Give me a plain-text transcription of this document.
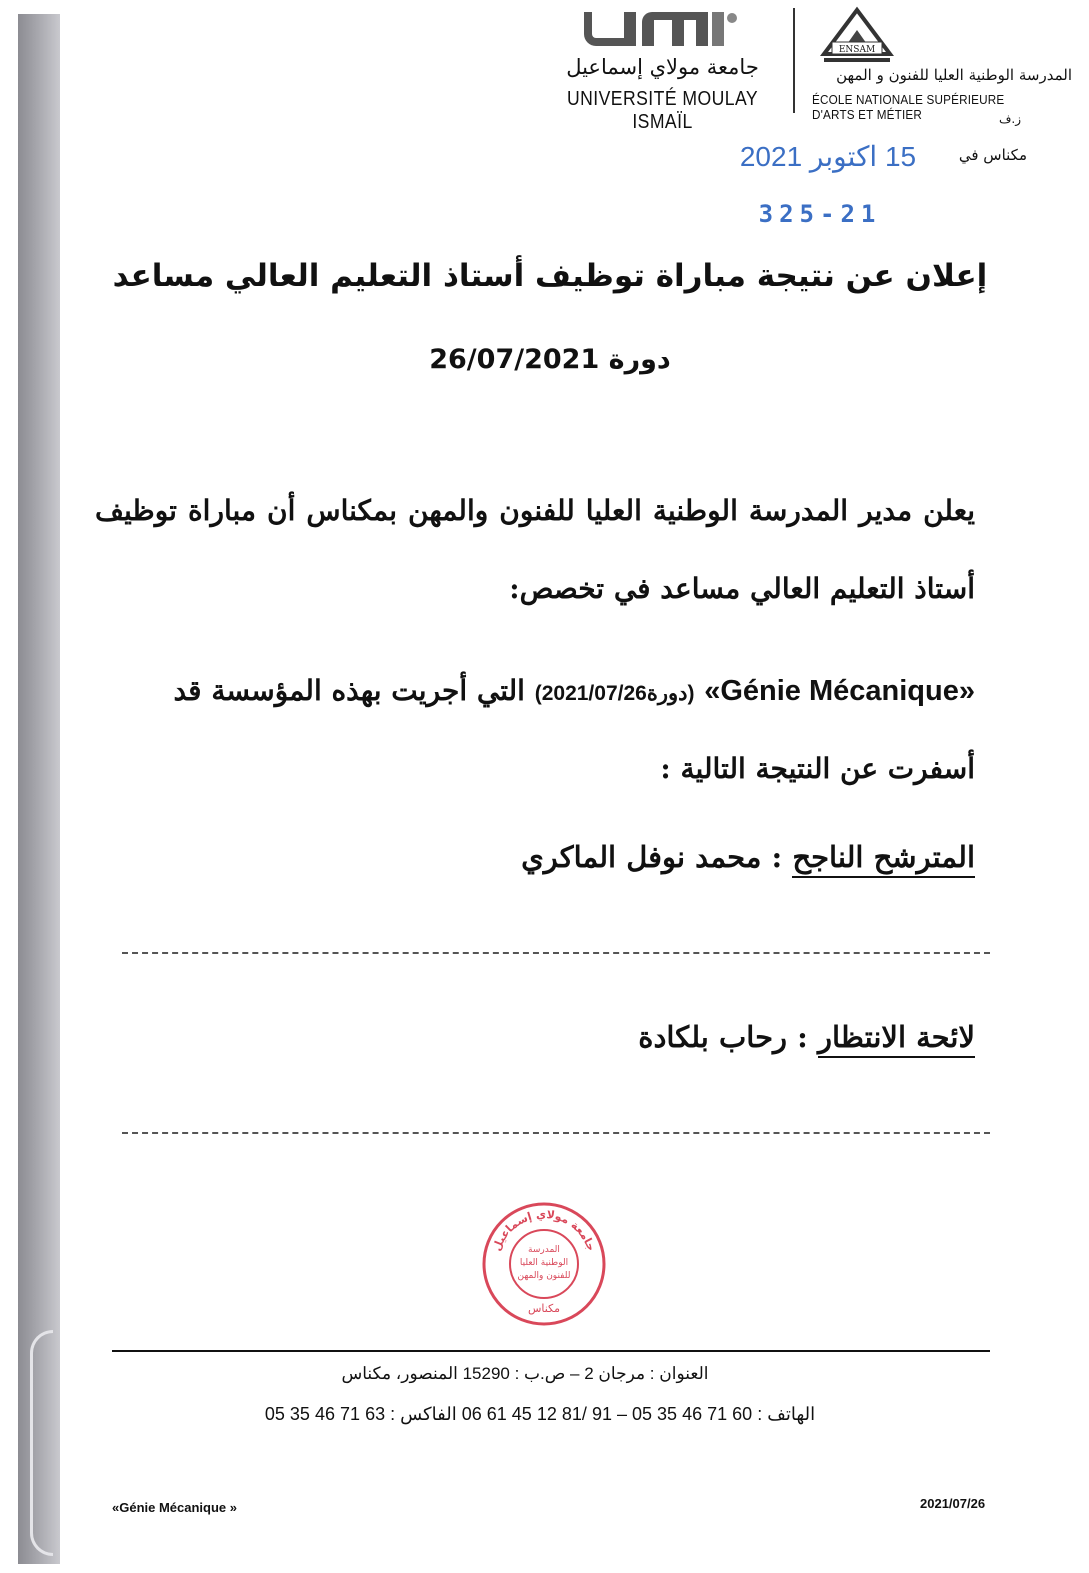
جامعة مولاي إسماعيل
UNIVERSITÉ MOULAY ISMAÏL
ENSAM
المدرسة الوطنية العليا للفنون و المهن
ÉCOLE NATIONALE SUPÉRIEURE D'ARTS ET MÉTIER	ز.ف
مكناس في
15 اكتوبر 2021
325-21
إعلان عن نتيجة مباراة توظيف أستاذ التعليم العالي مساعد
دورة 26/07/2021
يعلن مدير المدرسة الوطنية العليا للفنون والمهن بمكناس أن مباراة توظيف
أستاذ التعليم العالي مساعد في تخصص:
«Génie Mécanique» (دورة2021/07/26) التي أجريت بهذه المؤسسة قد
أسفرت عن النتيجة التالية :
المترشح الناجح : محمد نوفل الماكري
لائحة الانتظار : رحاب بلكادة
جامعة مولاي إسماعيل
المدرسة
الوطنية العليا
للفنون والمهن
مكناس
العنوان : مرجان 2 – ص.ب : 15290 المنصور، مكناس
الهاتف : 60 71 46 35 05 – 91 /81 12 45 61 06 الفاكس : 63 71 46 35 05
«Génie Mécanique »	2021/07/26
